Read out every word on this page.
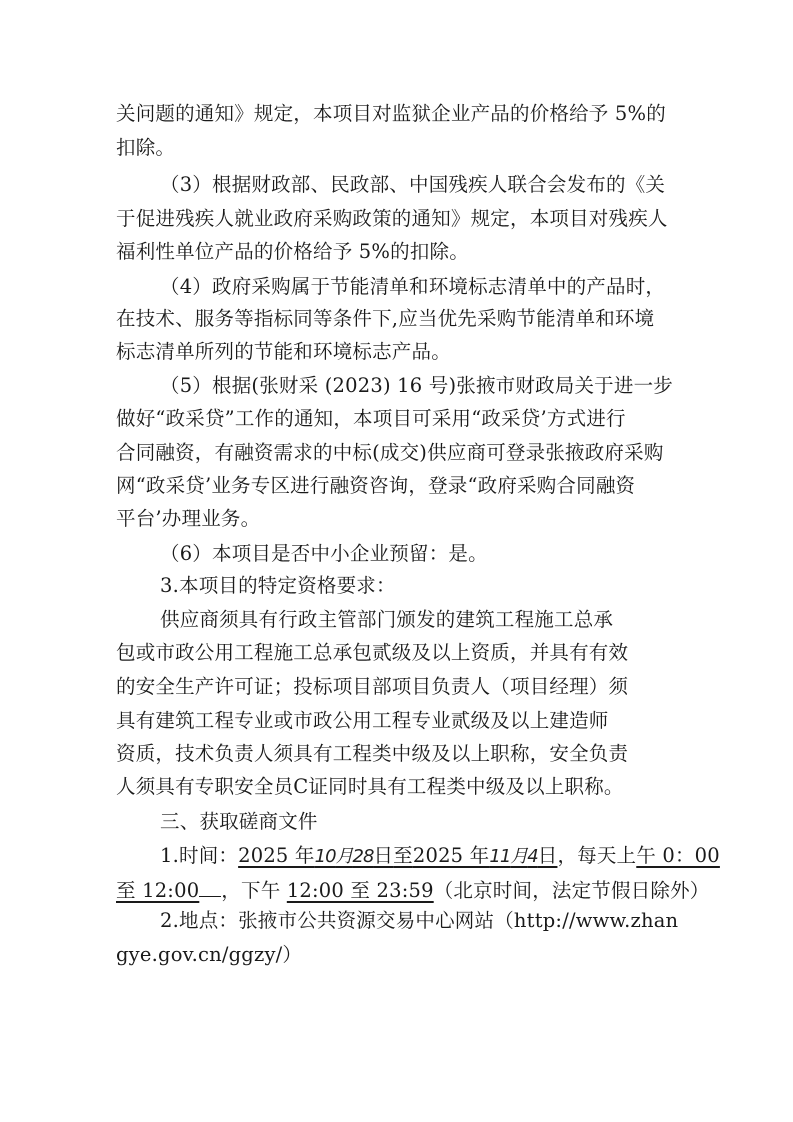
关问题的通知》规定，本项目对监狱企业产品的价格给予 5%的
扣除。
（3）根据财政部、民政部、中国残疾人联合会发布的《关
于促进残疾人就业政府采购政策的通知》规定，本项目对残疾人
福利性单位产品的价格给予 5%的扣除。
（4）政府采购属于节能清单和环境标志清单中的产品时，
在技术、服务等指标同等条件下,应当优先采购节能清单和环境
标志清单所列的节能和环境标志产品。
（5）根据(张财采 (2023) 16 号)张掖市财政局关于进一步
做好“政采贷”工作的通知，本项目可采用“政采贷’方式进行
合同融资，有融资需求的中标(成交)供应商可登录张掖政府采购
网“政采贷’业务专区进行融资咨询，登录“政府采购合同融资
平台’办理业务。
（6）本项目是否中小企业预留：是。
3.本项目的特定资格要求：
供应商须具有行政主管部门颁发的建筑工程施工总承
包或市政公用工程施工总承包贰级及以上资质，并具有有效
的安全生产许可证；投标项目部项目负责人（项目经理）须
具有建筑工程专业或市政公用工程专业贰级及以上建造师
资质，技术负责人须具有工程类中级及以上职称，安全负责
人须具有专职安全员C证同时具有工程类中级及以上职称。
三、获取磋商文件
1.时间：2025 年10月28日至2025 年11月4日，每天上午 0：00
至 12:00 ，下午 12:00 至 23:59（北京时间，法定节假日除外）
2.地点：张掖市公共资源交易中心网站（http://www.zhan
gye.gov.cn/ggzy/）
